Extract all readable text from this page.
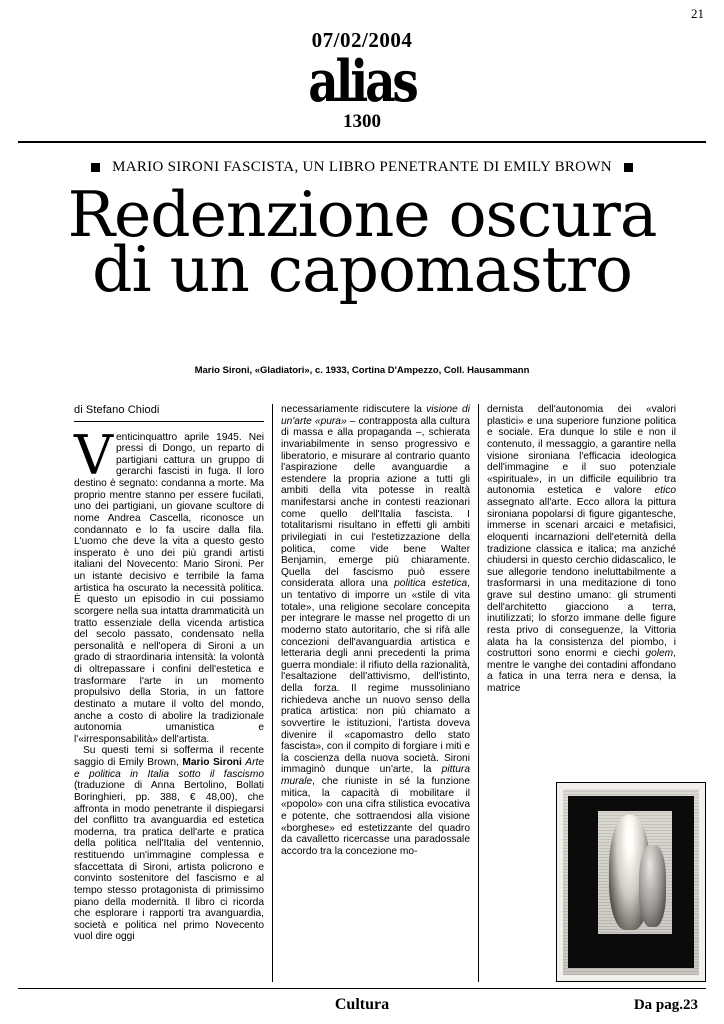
21
07/02/2004
alias
1300
MARIO SIRONI FASCISTA, UN LIBRO PENETRANTE DI EMILY BROWN
Redenzione oscura
di un capomastro
Mario Sironi, «Gladiatori», c. 1933, Cortina D'Ampezzo, Coll. Hausammann
di Stefano Chiodi

Venticinquattro aprile 1945. Nei pressi di Dongo, un reparto di partigiani cattura un gruppo di gerarchi fascisti in fuga. Il loro destino è segnato: condanna a morte. Ma proprio mentre stanno per essere fucilati, uno dei partigiani, un giovane scultore di nome Andrea Cascella, riconosce un condannato e lo fa uscire dalla fila. L'uomo che deve la vita a questo gesto insperato è uno dei più grandi artisti italiani del Novecento: Mario Sironi. Per un istante decisivo e terribile la fama artistica ha oscurato la necessità politica. È questo un episodio in cui possiamo scorgere nella sua intatta drammaticità un tratto essenziale della vicenda artistica del secolo passato, condensato nella personalità e nell'opera di Sironi a un grado di straordinaria intensità: la volontà di oltrepassare i confini dell'estetica e trasformare l'arte in un momento propulsivo della Storia, in un fattore destinato a mutare il volto del mondo, anche a costo di abolire la tradizionale autonomia umanistica e l'«irresponsabilità» dell'artista.

Su questi temi si sofferma il recente saggio di Emily Brown, Mario Sironi Arte e politica in Italia sotto il fascismo (traduzione di Anna Bertolino, Bollati Boringhieri, pp. 388, € 48,00), che affronta in modo penetrante il dispiegarsi del conflitto tra avanguardia ed estetica moderna, tra pratica dell'arte e pratica della politica nell'Italia del ventennio, restituendo un'immagine complessa e sfaccettata di Sironi, artista policrono e convinto sostenitore del fascismo e al tempo stesso protagonista di primissimo piano della modernità. Il libro ci ricorda che esplorare i rapporti tra avanguardia, società e politica nel primo Novecento vuol dire oggi

necessariamente ridiscutere la visione di un'arte «pura» – contrapposta alla cultura di massa e alla propaganda –, schierata invariabilmente in senso progressivo e liberatorio, e misurare al contrario quanto l'aspirazione delle avanguardie a estendere la propria azione a tutti gli ambiti della vita potesse in realtà manifestarsi anche in contesti reazionari come quello dell'Italia fascista. I totalitarismi risultano in effetti gli ambiti privilegiati in cui l'estetizzazione della politica, come vide bene Walter Benjamin, emerge più chiaramente. Quella del fascismo può essere considerata allora una politica estetica, un tentativo di imporre un «stile di vita totale», una religione secolare concepita per integrare le masse nel progetto di un moderno stato autoritario, che si rifà alle concezioni dell'avanguardia artistica e letteraria degli anni precedenti la prima guerra mondiale: il rifiuto della razionalità, l'esaltazione dell'attivismo, dell'istinto, della forza. Il regime mussoliniano richiedeva anche un nuovo senso della pratica artistica: non più chiamato a sovvertire le istituzioni, l'artista doveva divenire il «capomastro dello stato fascista», con il compito di forgiare i miti e la coscienza della nuova società. Sironi immaginò dunque un'arte, la pittura murale, che riuniste in sé la funzione mitica, la capacità di mobilitare il «popolo» con una cifra stilistica evocativa e potente, che sottraendosi alla visione «borghese» ed estetizzante del quadro da cavalletto ricercasse una paradossale accordo tra la concezione mo-

dernista dell'autonomia dei «valori plastici» e una superiore funzione politica e sociale. Era dunque lo stile e non il contenuto, il messaggio, a garantire nella visione sironiana l'efficacia ideologica dell'immagine e il suo potenziale «spirituale», in un difficile equilibrio tra autonomia estetica e valore etico assegnato all'arte. Ecco allora la pittura sironiana popolarsi di figure gigantesche, immerse in scenari arcaici e metafisici, eloquenti incarnazioni dell'eternità della tradizione classica e italica; ma anziché chiudersi in questo cerchio didascalico, le sue allegorie tendono ineluttabilmente a trasformarsi in una meditazione di tono grave sul destino umano: gli strumenti dell'architetto giacciono a terra, inutilizzati; lo sforzo immane delle figure resta privo di conseguenze, la Vittoria alata ha la consistenza del piombo, i costruttori sono enormi e ciechi golem, mentre le vanghe dei contadini affondano a fatica in una terra nera e densa, la matrice

Cultura	Da pag.23
